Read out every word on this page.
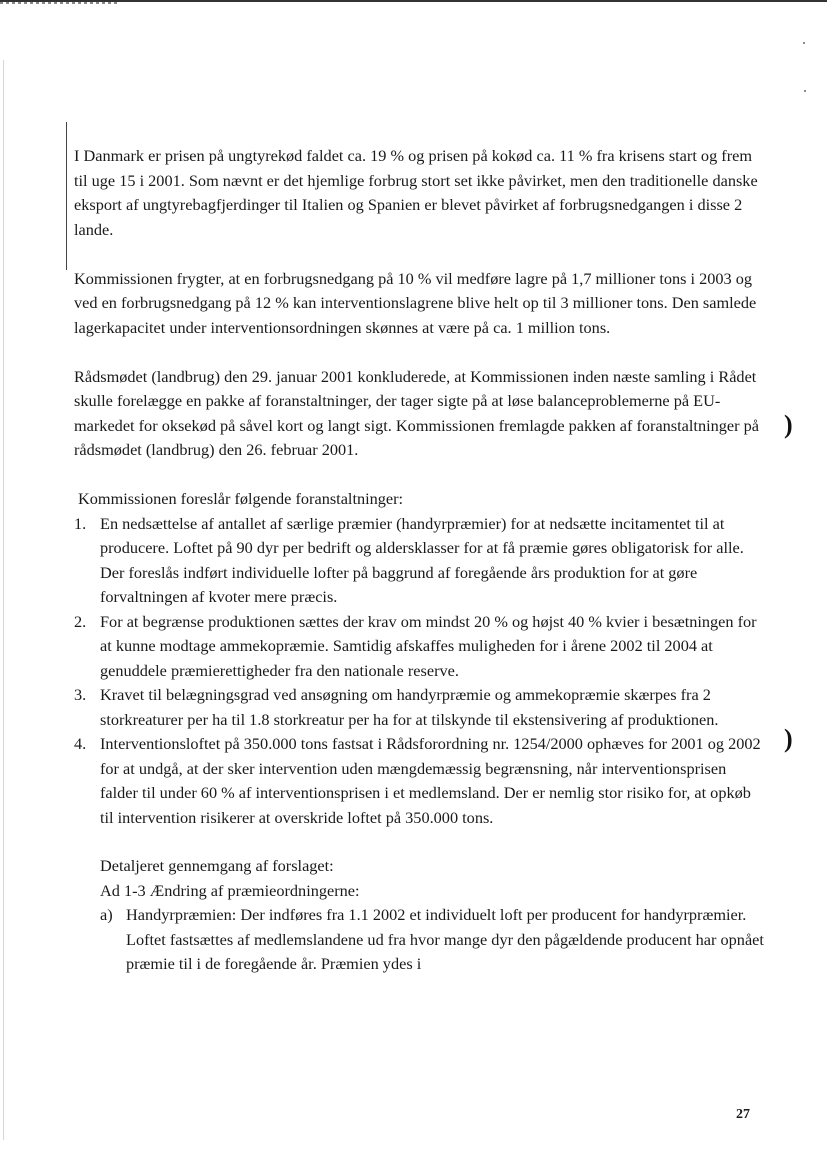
)
)

I Danmark er prisen på ungtyrekød faldet ca. 19 % og prisen på kokød ca. 11 % fra krisens start og frem til uge 15 i 2001. Som nævnt er det hjemlige forbrug stort set ikke påvirket, men den traditionelle danske eksport af ungtyrebagfjerdinger til Italien og Spanien er blevet påvirket af forbrugsnedgangen i disse 2 lande.

Kommissionen frygter, at en forbrugsnedgang på 10 % vil medføre lagre på 1,7 millioner tons i 2003 og ved en forbrugsnedgang på 12 % kan interventionslagrene blive helt op til 3 millioner tons. Den samlede lagerkapacitet under interventionsordningen skønnes at være på ca. 1 million tons.

Rådsmødet (landbrug) den 29. januar 2001 konkluderede, at Kommissionen inden næste samling i Rådet skulle forelægge en pakke af foranstaltninger, der tager sigte på at løse balanceproblemerne på EU-markedet for oksekød på såvel kort og langt sigt. Kommissionen fremlagde pakken af foranstaltninger på rådsmødet (landbrug) den 26. februar 2001.

Kommissionen foreslår følgende foranstaltninger:

1. En nedsættelse af antallet af særlige præmier (handyrpræmier) for at nedsætte incitamentet til at producere. Loftet på 90 dyr per bedrift og aldersklasser for at få præmie gøres obligatorisk for alle. Der foreslås indført individuelle lofter på baggrund af foregående års produktion for at gøre forvaltningen af kvoter mere præcis.
2. For at begrænse produktionen sættes der krav om mindst 20 % og højst 40 % kvier i besætningen for at kunne modtage ammekopræmie. Samtidig afskaffes muligheden for i årene 2002 til 2004 at genuddele præmierettigheder fra den nationale reserve.
3. Kravet til belægningsgrad ved ansøgning om handyrpræmie og ammekopræmie skærpes fra 2 storkreaturer per ha til 1.8 storkreatur per ha for at tilskynde til ekstensivering af produktionen.
4. Interventionsloftet på 350.000 tons fastsat i Rådsforordning nr. 1254/2000 ophæves for 2001 og 2002 for at undgå, at der sker intervention uden mængdemæssig begrænsning, når interventionsprisen falder til under 60 % af interventionsprisen i et medlemsland. Der er nemlig stor risiko for, at opkøb til intervention risikerer at overskride loftet på 350.000 tons.

Detaljeret gennemgang af forslaget:

Ad 1-3 Ændring af præmieordningerne:

a) Handyrpræmien: Der indføres fra 1.1 2002 et individuelt loft per producent for handyrpræmier. Loftet fastsættes af medlemslandene ud fra hvor mange dyr den pågældende producent har opnået præmie til i de foregående år. Præmien ydes i
27
